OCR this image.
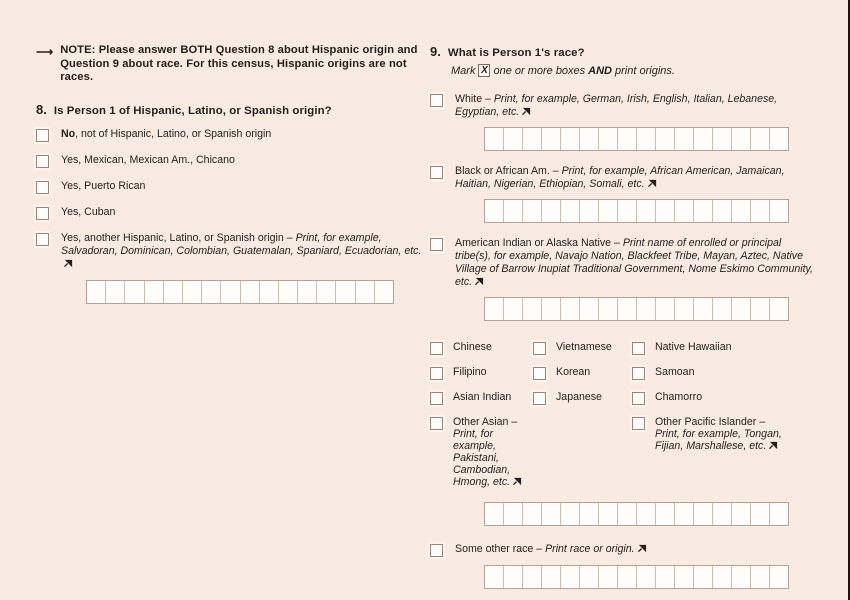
⟶ NOTE: Please answer BOTH Question 8 about Hispanic origin and Question 9 about race. For this census, Hispanic origins are not races.
8. Is Person 1 of Hispanic, Latino, or Spanish origin?
No, not of Hispanic, Latino, or Spanish origin
Yes, Mexican, Mexican Am., Chicano
Yes, Puerto Rican
Yes, Cuban
Yes, another Hispanic, Latino, or Spanish origin – Print, for example, Salvadoran, Dominican, Colombian, Guatemalan, Spaniard, Ecuadorian, etc.
9. What is Person 1's race?
Mark X one or more boxes AND print origins.
White – Print, for example, German, Irish, English, Italian, Lebanese, Egyptian, etc.
Black or African Am. – Print, for example, African American, Jamaican, Haitian, Nigerian, Ethiopian, Somali, etc.
American Indian or Alaska Native – Print name of enrolled or principal tribe(s), for example, Navajo Nation, Blackfeet Tribe, Mayan, Aztec, Native Village of Barrow Inupiat Traditional Government, Nome Eskimo Community, etc.
Chinese
Filipino
Asian Indian
Other Asian –
Print, for example, Pakistani, Cambodian, Hmong, etc.
Vietnamese
Korean
Japanese
Native Hawaiian
Samoan
Chamorro
Other Pacific Islander –
Print, for example, Tongan, Fijian, Marshallese, etc.
Some other race – Print race or origin.
